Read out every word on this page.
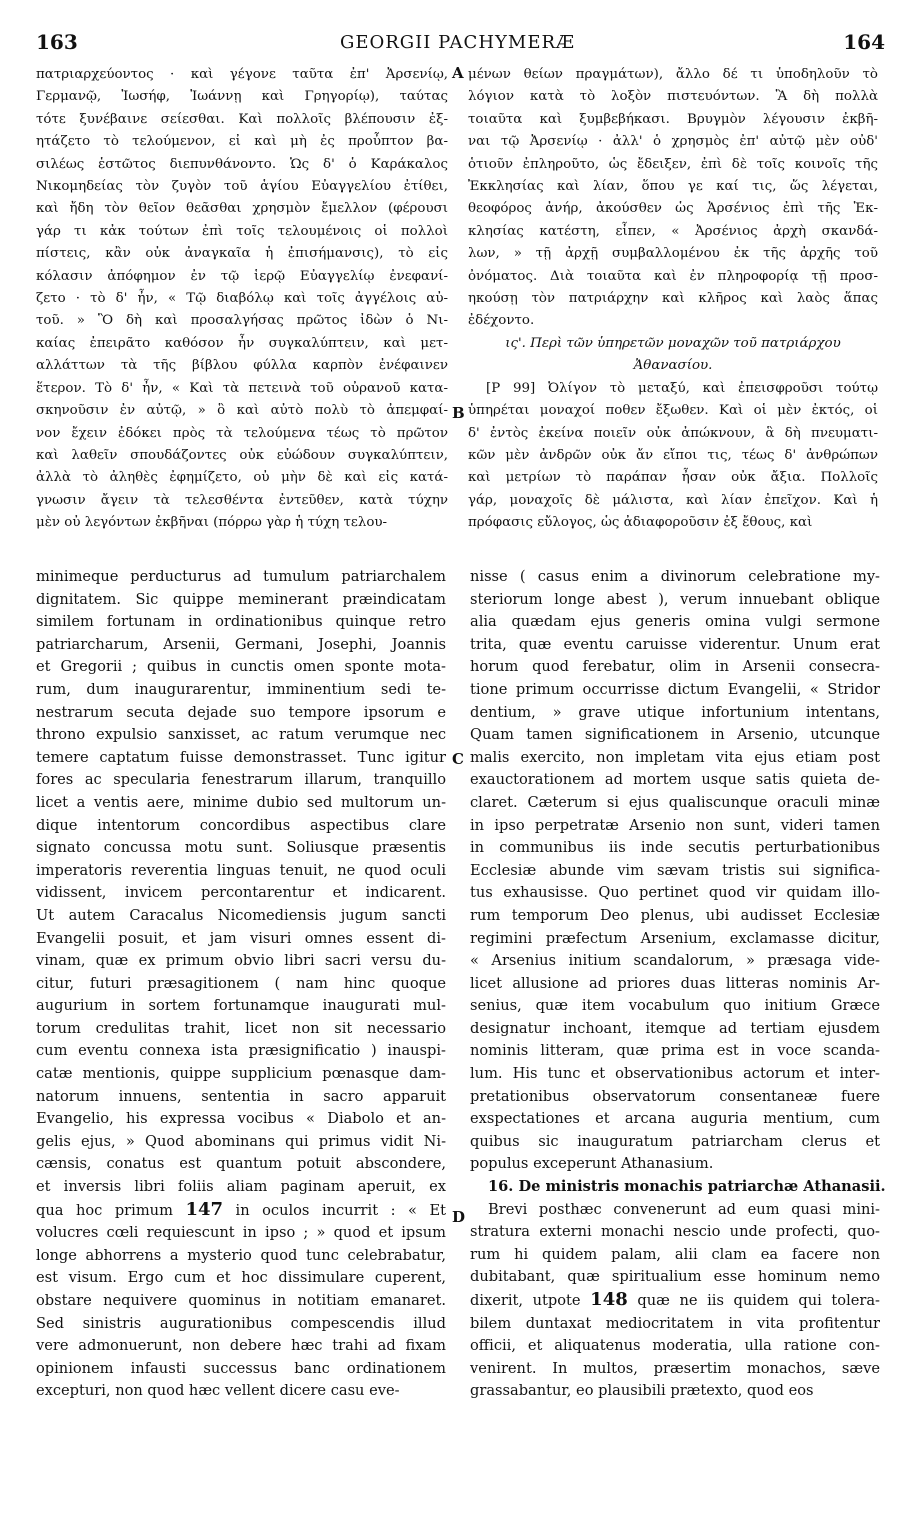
163	GEORGII PACHYMERÆ	164
A
B
C
D
πατριαρχεύοντος · καὶ γέγονε ταῦτα ἐπ' Ἀρσενίῳ,
Γερμανῷ, Ἰωσήφ, Ἰωάννῃ καὶ Γρηγορίῳ), ταύτας
τότε ξυνέβαινε σείεσθαι. Καὶ πολλοῖς βλέπουσιν ἐξ-
ητάζετο τὸ τελούμενον, εἰ καὶ μὴ ἐς προὖπτον βα-
σιλέως ἑστῶτος διεπυνθάνοντο. Ὡς δ' ὁ Καράκαλος
Νικομηδείας τὸν ζυγὸν τοῦ ἁγίου Εὐαγγελίου ἐτίθει,
καὶ ἤδη τὸν θεῖον θεᾶσθαι χρησμὸν ἔμελλον (φέρουσι
γάρ τι κἀκ τούτων ἐπὶ τοῖς τελουμένοις οἱ πολλοὶ
πίστεις, κἂν οὐκ ἀναγκαῖα ἡ ἐπισήμανσις), τὸ εἰς
κόλασιν ἀπόφημον ἐν τῷ ἱερῷ Εὐαγγελίῳ ἐνεφανί-
ζετο · τὸ δ' ἦν, « Τῷ διαβόλῳ καὶ τοῖς ἀγγέλοις αὐ-
τοῦ. » Ὃ δὴ καὶ προσαλγήσας πρῶτος ἰδὼν ὁ Νι-
καίας ἐπειρᾶτο καθόσον ἦν συγκαλύπτειν, καὶ μετ-
αλλάττων τὰ τῆς βίβλου φύλλα καρπὸν ἐνέφαινεν
ἕτερον. Τὸ δ' ἦν, « Καὶ τὰ πετεινὰ τοῦ οὐρανοῦ κατα-
σκηνοῦσιν ἐν αὐτῷ, » ὃ καὶ αὐτὸ πολὺ τὸ ἀπεμφαί-
νον ἔχειν ἐδόκει πρὸς τὰ τελούμενα τέως τὸ πρῶτον
καὶ λαθεῖν σπουδάζοντες οὐκ εὐώδουν συγκαλύπτειν,
ἀλλὰ τὸ ἀληθὲς ἐφημίζετο, οὐ μὴν δὲ καὶ εἰς κατά-
γνωσιν ἄγειν τὰ τελεσθέντα ἐντεῦθεν, κατὰ τύχην
μὲν οὐ λεγόντων ἐκβῆναι (πόρρω γὰρ ἡ τύχη τελου-
μένων θείων πραγμάτων), ἄλλο δέ τι ὑποδηλοῦν τὸ
λόγιον κατὰ τὸ λοξὸν πιστευόντων. Ἃ δὴ πολλὰ
τοιαῦτα καὶ ξυμβεβήκασι. Βρυγμὸν λέγουσιν ἐκβῆ-
ναι τῷ Ἀρσενίῳ · ἀλλ' ὁ χρησμὸς ἐπ' αὐτῷ μὲν οὐδ'
ὁτιοῦν ἐπληροῦτο, ὡς ἔδειξεν, ἐπὶ δὲ τοῖς κοινοῖς τῆς
Ἐκκλησίας καὶ λίαν, ὅπου γε καί τις, ὥς λέγεται,
θεοφόρος ἀνήρ, ἀκούσθεν ὡς Ἀρσένιος ἐπὶ τῆς Ἐκ-
κλησίας κατέστη, εἶπεν, « Ἀρσένιος ἀρχὴ σκανδά-
λων, » τῇ ἀρχῇ συμβαλλομένου ἐκ τῆς ἀρχῆς τοῦ
ὀνόματος. Διὰ τοιαῦτα καὶ ἐν πληροφορίᾳ τῇ προσ-
ηκούσῃ τὸν πατριάρχην καὶ κλῆρος καὶ λαὸς ἅπας
ἐδέχοντο.
ις'. Περὶ τῶν ὑπηρετῶν μοναχῶν τοῦ πατριάρχου
Ἀθανασίου.
[P 99] Ὀλίγον τὸ μεταξύ, καὶ ἐπεισφροῦσι τούτῳ
ὑπηρέται μοναχοί ποθεν ἔξωθεν. Καὶ οἱ μὲν ἐκτός, οἱ
δ' ἐντὸς ἐκείνα ποιεῖν οὐκ ἀπώκνουν, ἃ δὴ πνευματι-
κῶν μὲν ἀνδρῶν οὐκ ἄν εἴποι τις, τέως δ' ἀνθρώπων
καὶ μετρίων τὸ παράπαν ἦσαν οὐκ ἄξια. Πολλοῖς
γάρ, μοναχοῖς δὲ μάλιστα, καὶ λίαν ἐπεῖχον. Καὶ ἡ
πρόφασις εὔλογος, ὡς ἀδιαφοροῦσιν ἐξ ἔθους, καὶ
minimeque perducturus ad tumulum patriarchalem
dignitatem. Sic quippe meminerant præindicatam
similem fortunam in ordinationibus quinque retro
patriarcharum, Arsenii, Germani, Josephi, Joannis
et Gregorii ; quibus in cunctis omen sponte mota-
rum, dum inaugurarentur, imminentium sedi te-
nestrarum secuta dejade suo tempore ipsorum e
throno expulsio sanxisset, ac ratum verumque nec
temere captatum fuisse demonstrasset. Tunc igitur
fores ac specularia fenestrarum illarum, tranquillo
licet a ventis aere, minime dubio sed multorum un-
dique intentorum concordibus aspectibus clare
signato concussa motu sunt. Soliusque præsentis
imperatoris reverentia linguas tenuit, ne quod oculi
vidissent, invicem percontarentur et indicarent.
Ut autem Caracalus Nicomediensis jugum sancti
Evangelii posuit, et jam visuri omnes essent di-
vinam, quæ ex primum obvio libri sacri versu du-
citur, futuri præsagitionem ( nam hinc quoque
augurium in sortem fortunamque inaugurati mul-
torum credulitas trahit, licet non sit necessario
cum eventu connexa ista præsignificatio ) inauspi-
catæ mentionis, quippe supplicium pœnasque dam-
natorum innuens, sententia in sacro apparuit
Evangelio, his expressa vocibus « Diabolo et an-
gelis ejus, » Quod abominans qui primus vidit Ni-
cænsis, conatus est quantum potuit abscondere,
et inversis libri foliis aliam paginam aperuit, ex
qua hoc primum 147 in oculos incurrit : « Et
volucres cœli requiescunt in ipso ; » quod et ipsum
longe abhorrens a mysterio quod tunc celebrabatur,
est visum. Ergo cum et hoc dissimulare cuperent,
obstare nequivere quominus in notitiam emanaret.
Sed sinistris augurationibus compescendis illud
vere admonuerunt, non debere hæc trahi ad fixam
opinionem infausti successus banc ordinationem
excepturi, non quod hæc vellent dicere casu eve-
nisse ( casus enim a divinorum celebratione my-
steriorum longe abest ), verum innuebant oblique
alia quædam ejus generis omina vulgi sermone
trita, quæ eventu caruisse viderentur. Unum erat
horum quod ferebatur, olim in Arsenii consecra-
tione primum occurrisse dictum Evangelii, « Stridor
dentium, » grave utique infortunium intentans,
Quam tamen significationem in Arsenio, utcunque
malis exercito, non impletam vita ejus etiam post
exauctorationem ad mortem usque satis quieta de-
claret. Cæterum si ejus qualiscunque oraculi minæ
in ipso perpetratæ Arsenio non sunt, videri tamen
in communibus iis inde secutis perturbationibus
Ecclesiæ abunde vim sævam tristis sui significa-
tus exhausisse. Quo pertinet quod vir quidam illo-
rum temporum Deo plenus, ubi audisset Ecclesiæ
regimini præfectum Arsenium, exclamasse dicitur,
« Arsenius initium scandalorum, » præsaga vide-
licet allusione ad priores duas litteras nominis Ar-
senius, quæ item vocabulum quo initium Græce
designatur inchoant, itemque ad tertiam ejusdem
nominis litteram, quæ prima est in voce scanda-
lum. His tunc et observationibus actorum et inter-
pretationibus observatorum consentaneæ fuere
exspectationes et arcana auguria mentium, cum
quibus sic inauguratum patriarcham clerus et
populus exceperunt Athanasium.
16. De ministris monachis patriarchæ Athanasii.
Brevi posthæc convenerunt ad eum quasi mini-
stratura externi monachi nescio unde profecti, quo-
rum hi quidem palam, alii clam ea facere non
dubitabant, quæ spiritualium esse hominum nemo
dixerit, utpote 148 quæ ne iis quidem qui tolera-
bilem duntaxat mediocritatem in vita profitentur
officii, et aliquatenus moderatia, ulla ratione con-
venirent. In multos, præsertim monachos, sæve
grassabantur, eo plausibili prætexto, quod eos
